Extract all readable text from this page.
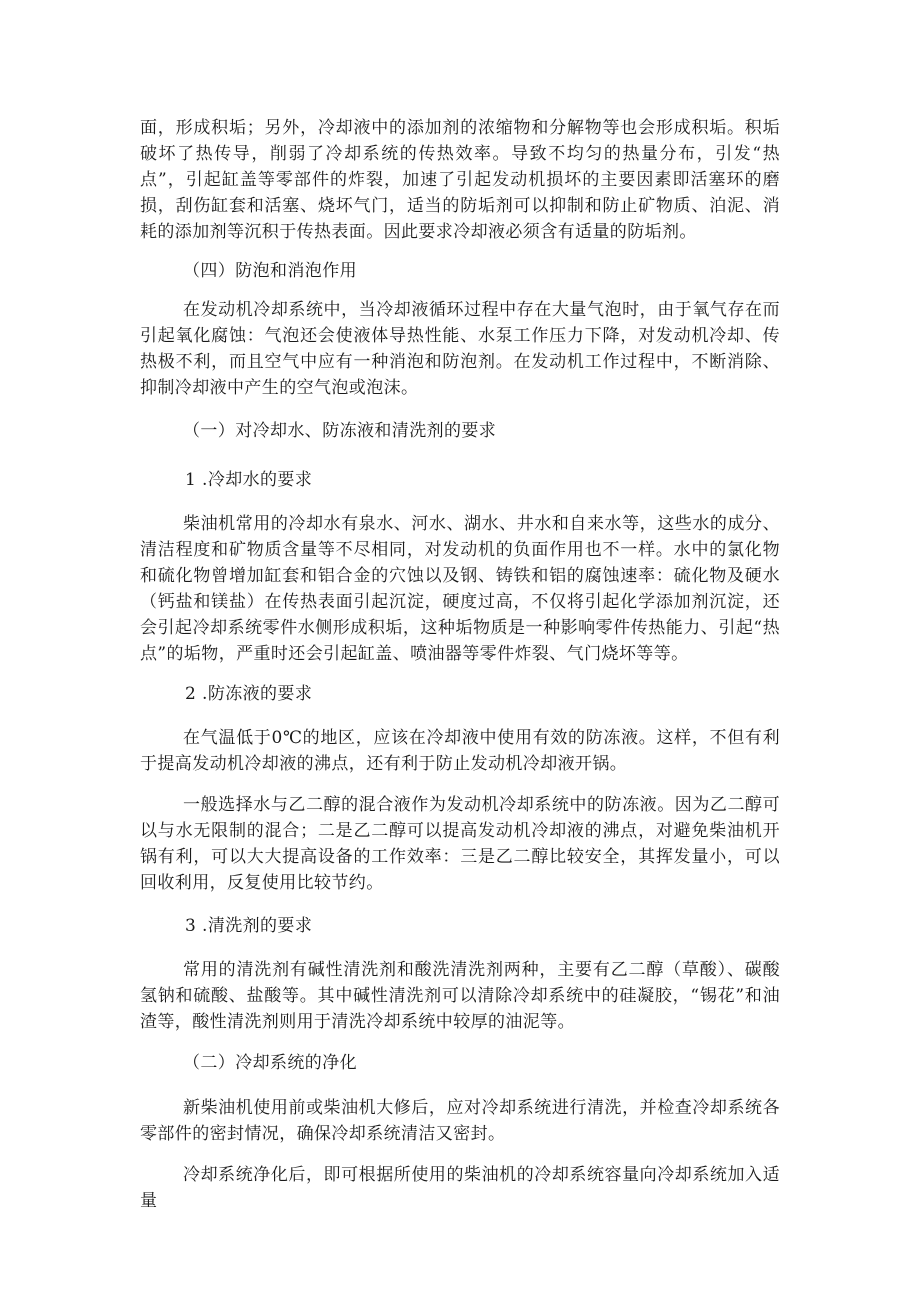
面，形成积垢；另外，冷却液中的添加剂的浓缩物和分解物等也会形成积垢。积垢破坏了热传导，削弱了冷却系统的传热效率。导致不均匀的热量分布，引发“热点”，引起缸盖等零部件的炸裂，加速了引起发动机损坏的主要因素即活塞环的磨损，刮伤缸套和活塞、烧坏气门，适当的防垢剂可以抑制和防止矿物质、泊泥、消耗的添加剂等沉积于传热表面。因此要求冷却液必须含有适量的防垢剂。

（四）防泡和消泡作用

在发动机冷却系统中，当冷却液循环过程中存在大量气泡时，由于氧气存在而引起氧化腐蚀：气泡还会使液体导热性能、水泵工作压力下降，对发动机冷却、传热极不利，而且空气中应有一种消泡和防泡剂。在发动机工作过程中，不断消除、抑制冷却液中产生的空气泡或泡沫。

（一）对冷却水、防冻液和清洗剂的要求

1 .冷却水的要求

柴油机常用的冷却水有泉水、河水、湖水、井水和自来水等，这些水的成分、清洁程度和矿物质含量等不尽相同，对发动机的负面作用也不一样。水中的氯化物和硫化物曾增加缸套和铝合金的穴蚀以及钢、铸铁和铝的腐蚀速率：硫化物及硬水（钙盐和镁盐）在传热表面引起沉淀，硬度过高，不仅将引起化学添加剂沉淀，还会引起冷却系统零件水侧形成积垢，这种垢物质是一种影响零件传热能力、引起“热点”的垢物，严重时还会引起缸盖、喷油器等零件炸裂、气门烧坏等等。

2 .防冻液的要求

在气温低于0℃的地区，应该在冷却液中使用有效的防冻液。这样，不但有利于提高发动机冷却液的沸点，还有利于防止发动机冷却液开锅。

一般选择水与乙二醇的混合液作为发动机冷却系统中的防冻液。因为乙二醇可以与水无限制的混合；二是乙二醇可以提高发动机冷却液的沸点，对避免柴油机开锅有利，可以大大提高设备的工作效率：三是乙二醇比较安全，其挥发量小，可以回收利用，反复使用比较节约。

3 .清洗剂的要求

常用的清洗剂有碱性清洗剂和酸洗清洗剂两种，主要有乙二醇（草酸）、碳酸氢钠和硫酸、盐酸等。其中碱性清洗剂可以清除冷却系统中的硅凝胶，“锡花”和油渣等，酸性清洗剂则用于清洗冷却系统中较厚的油泥等。

（二）冷却系统的净化

新柴油机使用前或柴油机大修后，应对冷却系统进行清洗，并检查冷却系统各零部件的密封情况，确保冷却系统清洁又密封。

冷却系统净化后，即可根据所使用的柴油机的冷却系统容量向冷却系统加入适量
